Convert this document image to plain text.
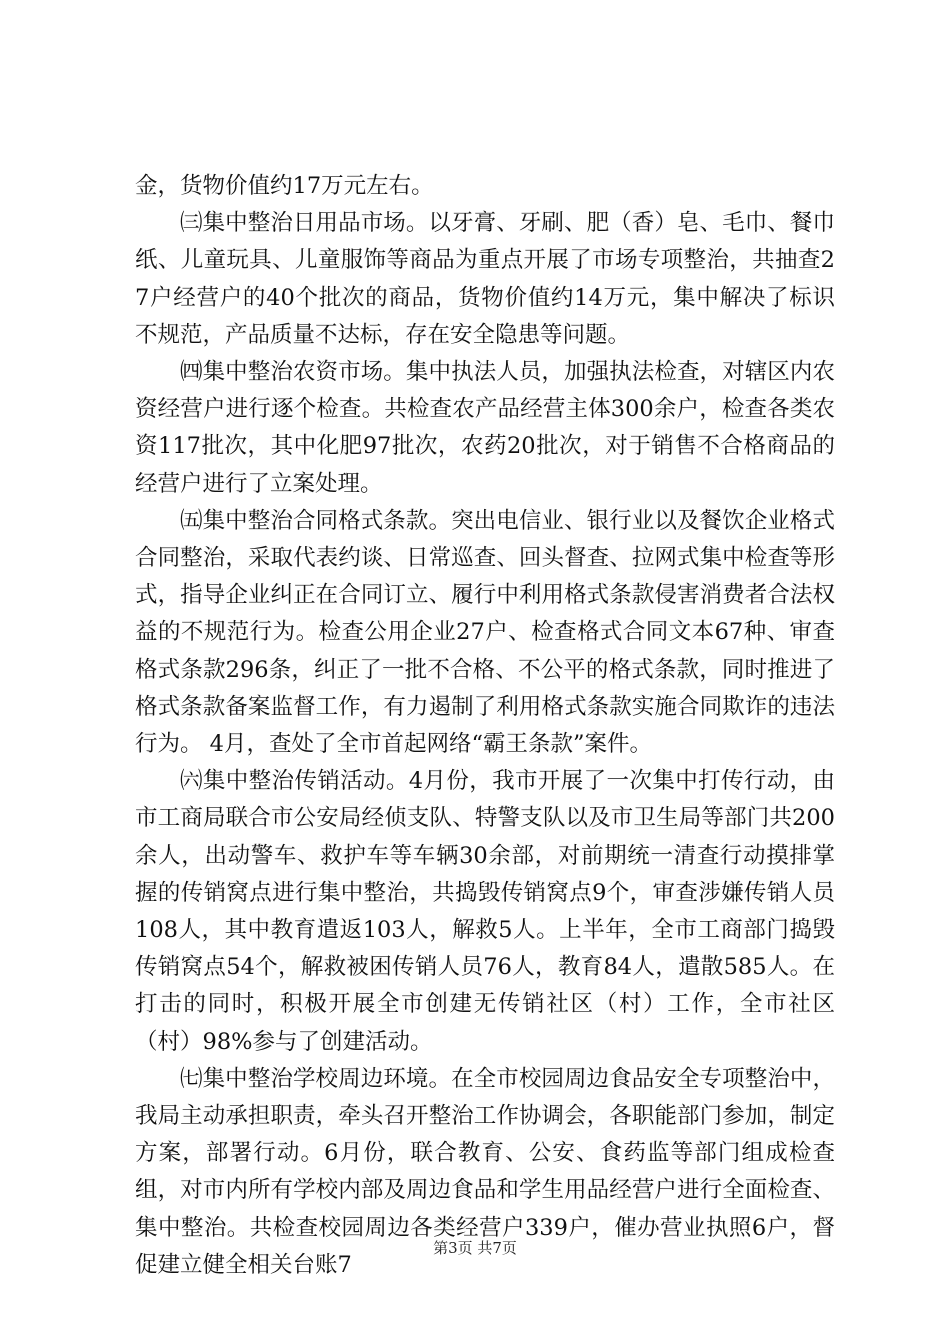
金，货物价值约17万元左右。

㈢集中整治日用品市场。以牙膏、牙刷、肥（香）皂、毛巾、餐巾纸、儿童玩具、儿童服饰等商品为重点开展了市场专项整治，共抽查27户经营户的40个批次的商品，货物价值约14万元，集中解决了标识不规范，产品质量不达标，存在安全隐患等问题。

㈣集中整治农资市场。集中执法人员，加强执法检查，对辖区内农资经营户进行逐个检查。共检查农产品经营主体300余户，检查各类农资117批次，其中化肥97批次，农药20批次，对于销售不合格商品的经营户进行了立案处理。

㈤集中整治合同格式条款。突出电信业、银行业以及餐饮企业格式合同整治，采取代表约谈、日常巡查、回头督查、拉网式集中检查等形式，指导企业纠正在合同订立、履行中利用格式条款侵害消费者合法权益的不规范行为。检查公用企业27户、检查格式合同文本67种、审查格式条款296条，纠正了一批不合格、不公平的格式条款，同时推进了格式条款备案监督工作，有力遏制了利用格式条款实施合同欺诈的违法行为。 4月，查处了全市首起网络“霸王条款”案件。

㈥集中整治传销活动。4月份，我市开展了一次集中打传行动，由市工商局联合市公安局经侦支队、特警支队以及市卫生局等部门共200余人，出动警车、救护车等车辆30余部，对前期统一清查行动摸排掌握的传销窝点进行集中整治，共捣毁传销窝点9个，审查涉嫌传销人员108人，其中教育遣返103人，解救5人。上半年，全市工商部门捣毁传销窝点54个，解救被困传销人员76人，教育84人，遣散585人。在打击的同时，积极开展全市创建无传销社区（村）工作，全市社区（村）98%参与了创建活动。

㈦集中整治学校周边环境。在全市校园周边食品安全专项整治中，我局主动承担职责，牵头召开整治工作协调会，各职能部门参加，制定方案，部署行动。6月份，联合教育、公安、食药监等部门组成检查组，对市内所有学校内部及周边食品和学生用品经营户进行全面检查、集中整治。共检查校园周边各类经营户339户，催办营业执照6户，督促建立健全相关台账7

第3页 共7页
